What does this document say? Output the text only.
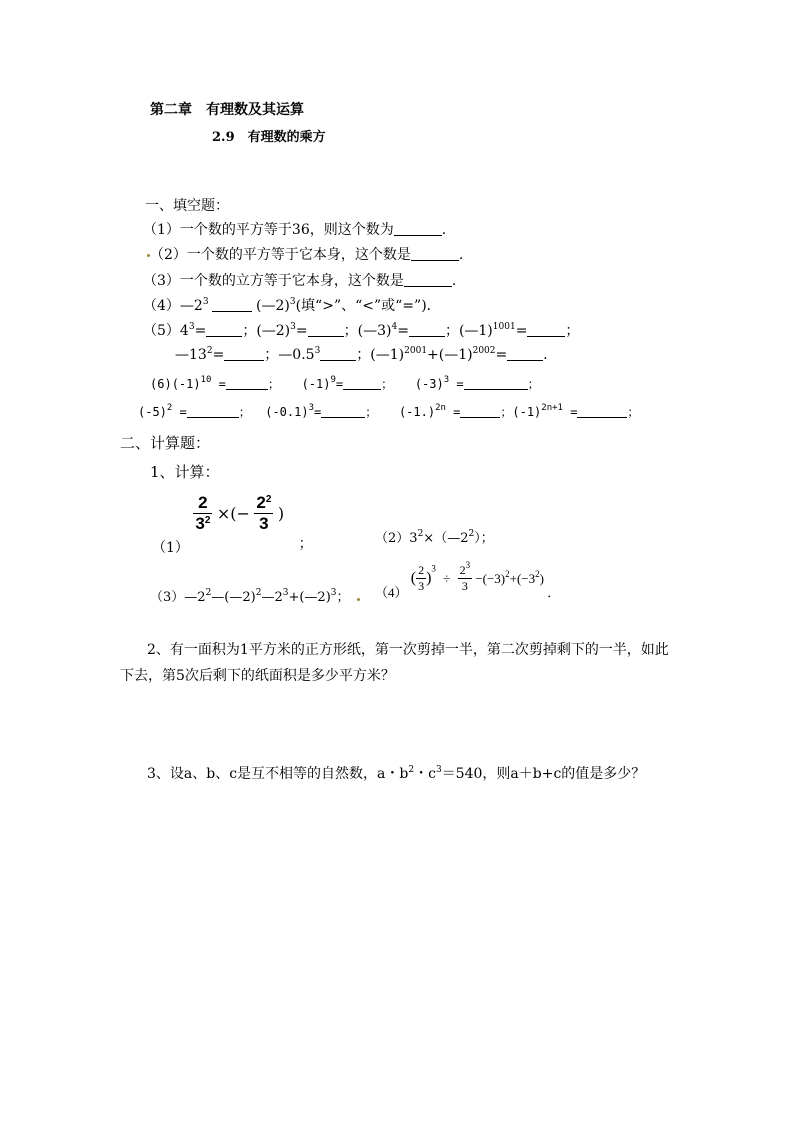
第二章　有理数及其运算
2.9　有理数的乘方
一、填空题：
（1）一个数的平方等于36，则这个数为	.
（2）一个数的平方等于它本身，这个数是	.
（3）一个数的立方等于它本身，这个数是	.
$(4)—2^3$	(—2)$^3$(填“>”、“<”或“=”)．
$(5)4^3=$	；(—2)$^3$=	；(—3)$^4$=	；(—1)$^{1001}$=	；
$—13^2=$	；$—0.5^3$	；(—1)$^{2001}$+(—1)$^{2002}$=	．
$(6)(-1)^{10}$ =	；   $(-1)^9=$	；   $(-3)^3$ =	；
$(-5)^2$ =	；  $(-0.1)^3=$	；   $(-1.)^{2n}$ =	；$(-1)^{2n+1}$ =	；
二、计算题：
1、计算：
（1）
$\frac{2}{3^2}$ ×(− $\frac{2^2}{3}$ ) ；	$(2)3^2\times(—2^2)$；
$(3)—2^2—(—2)^2—2^3+(—2)^3$； （4） ( $\frac{2}{3} )^3 \div \frac{2^3}{3} -(-3)^2+(-3^2)$ ．
2、有一面积为1平方米的正方形纸，第一次剪掉一半，第二次剪掉剩下的一半，如此
下去，第5次后剩下的纸面积是多少平方米？
3、设a、b、c是互不相等的自然数，a・$b^2$・$c^3=540$，则a＋b+c的值是多少？
